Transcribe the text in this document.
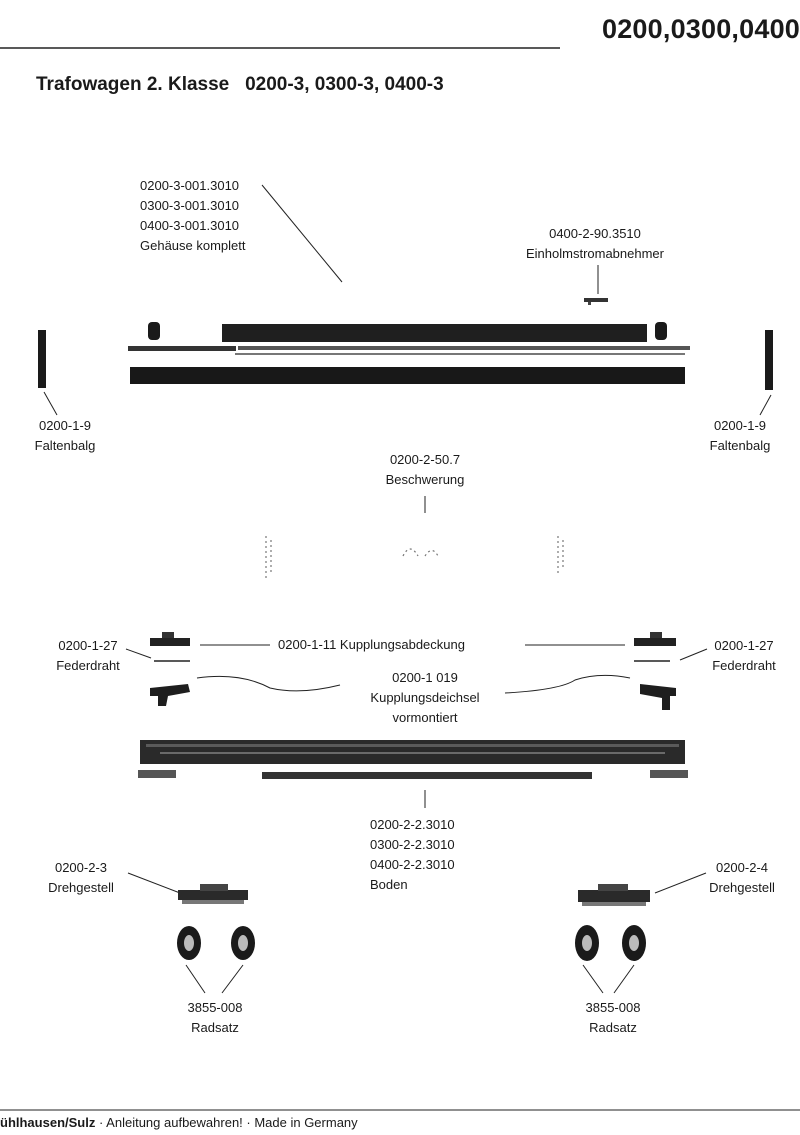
0200,0300,0400
Trafowagen 2. Klasse   0200-3, 0300-3, 0400-3
0200-3-001.3010
0300-3-001.3010
0400-3-001.3010
Gehäuse komplett
0400-2-90.3510
Einholmstromabnehmer
0200-1-9
Faltenbalg
0200-1-9
Faltenbalg
0200-2-50.7
Beschwerung
0200-1-27
Federdraht
0200-1-27
Federdraht
0200-1-11 Kupplungsabdeckung
0200-1 019
Kupplungsdeichsel
vormontiert
0200-2-2.3010
0300-2-2.3010
0400-2-2.3010
Boden
0200-2-3
Drehgestell
0200-2-4
Drehgestell
3855-008
Radsatz
3855-008
Radsatz
ühlhausen/Sulz · Anleitung aufbewahren! · Made in Germany
